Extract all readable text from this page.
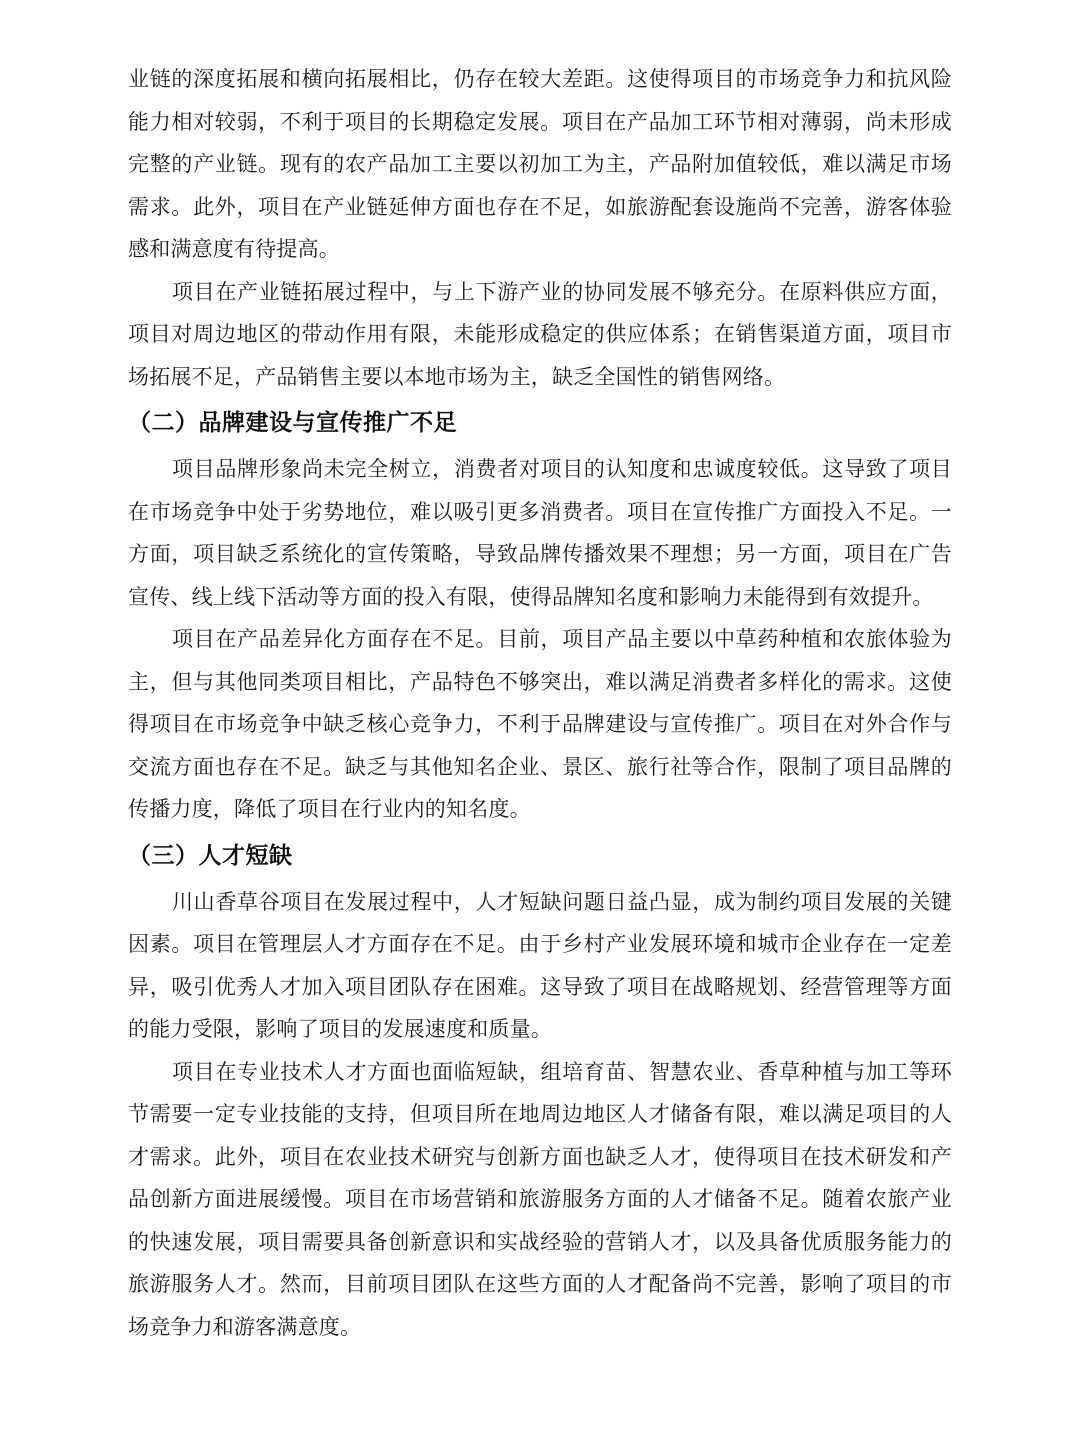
业链的深度拓展和横向拓展相比，仍存在较大差距。这使得项目的市场竞争力和抗风险能力相对较弱，不利于项目的长期稳定发展。项目在产品加工环节相对薄弱，尚未形成完整的产业链。现有的农产品加工主要以初加工为主，产品附加值较低，难以满足市场需求。此外，项目在产业链延伸方面也存在不足，如旅游配套设施尚不完善，游客体验感和满意度有待提高。

项目在产业链拓展过程中，与上下游产业的协同发展不够充分。在原料供应方面，项目对周边地区的带动作用有限，未能形成稳定的供应体系；在销售渠道方面，项目市场拓展不足，产品销售主要以本地市场为主，缺乏全国性的销售网络。

（二）品牌建设与宣传推广不足

项目品牌形象尚未完全树立，消费者对项目的认知度和忠诚度较低。这导致了项目在市场竞争中处于劣势地位，难以吸引更多消费者。项目在宣传推广方面投入不足。一方面，项目缺乏系统化的宣传策略，导致品牌传播效果不理想；另一方面，项目在广告宣传、线上线下活动等方面的投入有限，使得品牌知名度和影响力未能得到有效提升。

项目在产品差异化方面存在不足。目前，项目产品主要以中草药种植和农旅体验为主，但与其他同类项目相比，产品特色不够突出，难以满足消费者多样化的需求。这使得项目在市场竞争中缺乏核心竞争力，不利于品牌建设与宣传推广。项目在对外合作与交流方面也存在不足。缺乏与其他知名企业、景区、旅行社等合作，限制了项目品牌的传播力度，降低了项目在行业内的知名度。

（三）人才短缺

川山香草谷项目在发展过程中，人才短缺问题日益凸显，成为制约项目发展的关键因素。项目在管理层人才方面存在不足。由于乡村产业发展环境和城市企业存在一定差异，吸引优秀人才加入项目团队存在困难。这导致了项目在战略规划、经营管理等方面的能力受限，影响了项目的发展速度和质量。

项目在专业技术人才方面也面临短缺，组培育苗、智慧农业、香草种植与加工等环节需要一定专业技能的支持，但项目所在地周边地区人才储备有限，难以满足项目的人才需求。此外，项目在农业技术研究与创新方面也缺乏人才，使得项目在技术研发和产品创新方面进展缓慢。项目在市场营销和旅游服务方面的人才储备不足。随着农旅产业的快速发展，项目需要具备创新意识和实战经验的营销人才，以及具备优质服务能力的旅游服务人才。然而，目前项目团队在这些方面的人才配备尚不完善，影响了项目的市场竞争力和游客满意度。
